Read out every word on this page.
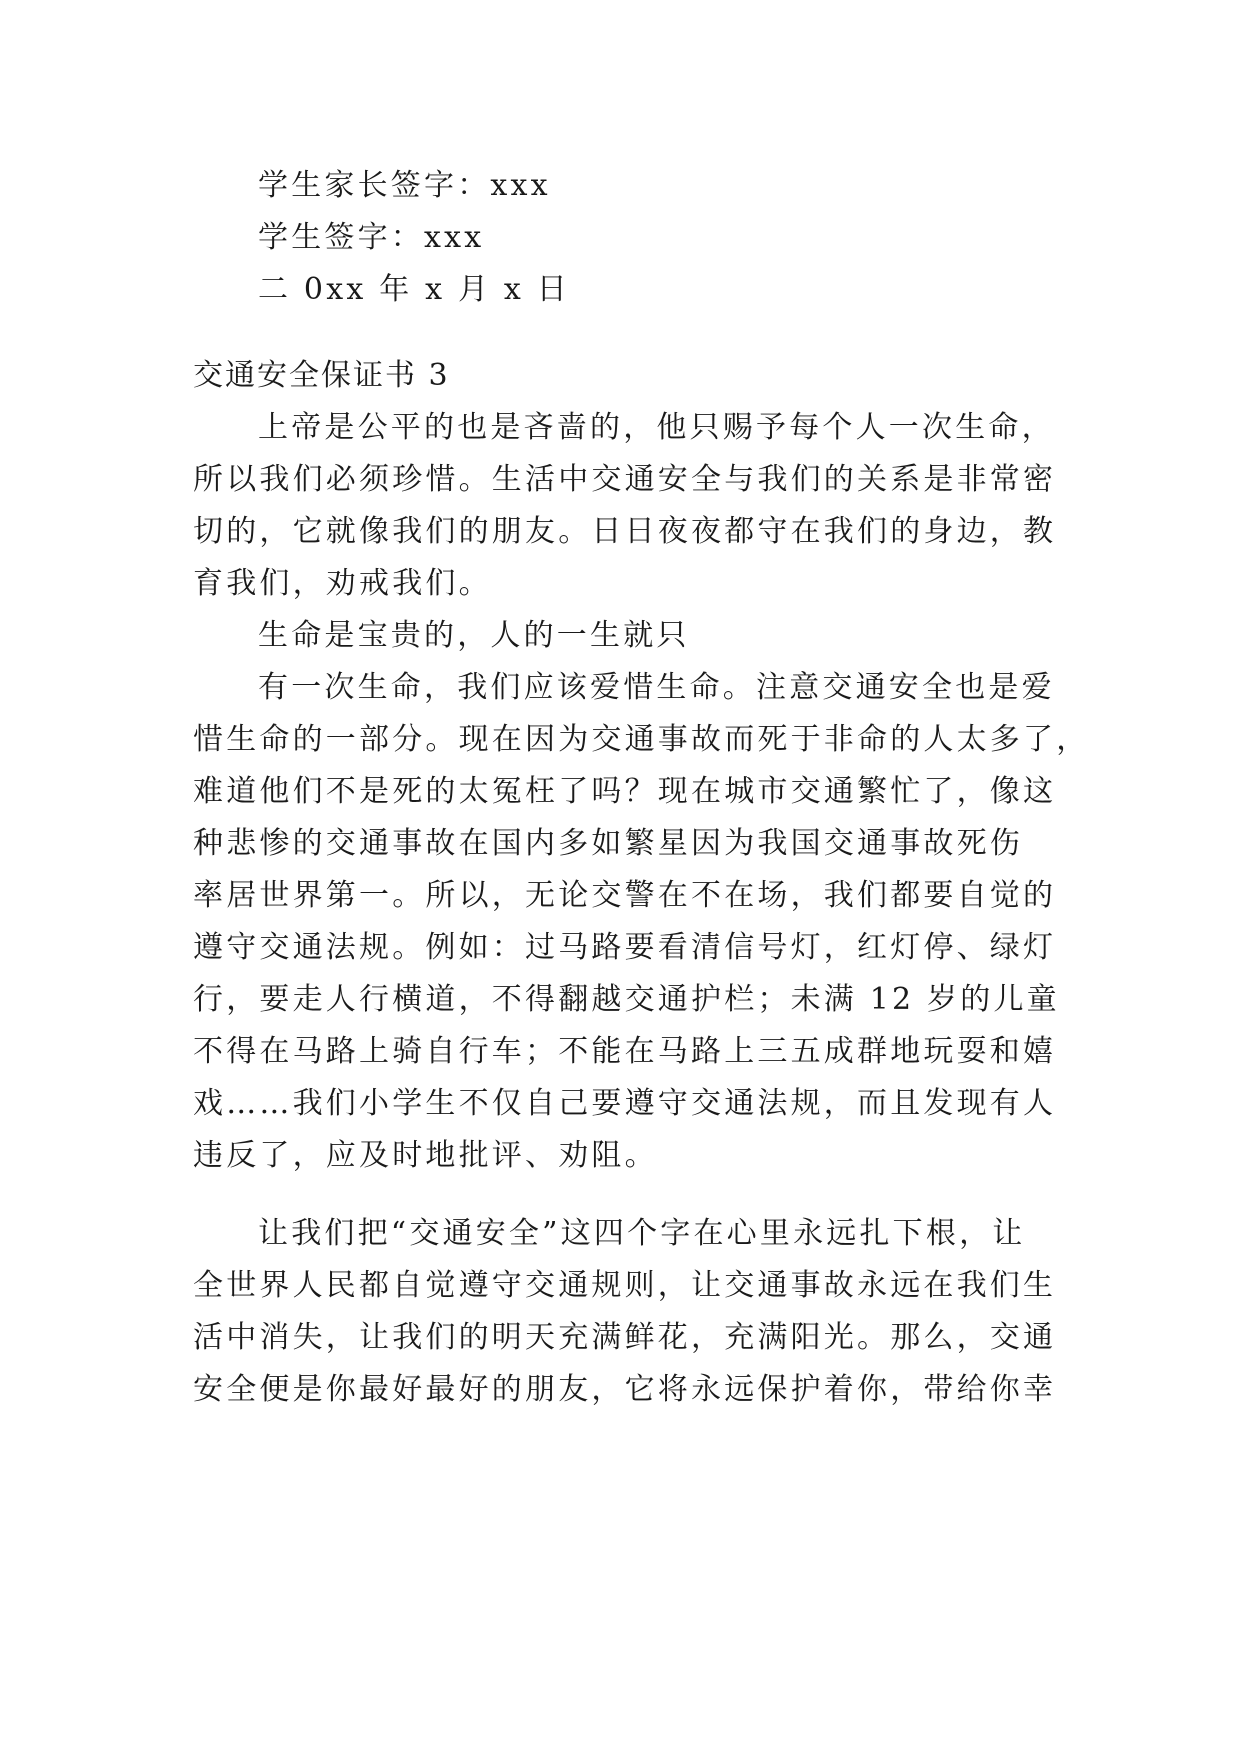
学生家长签字：xxx
学生签字：xxx
二 0xx 年 x 月 x 日
交通安全保证书 3
上帝是公平的也是吝啬的，他只赐予每个人一次生命，
所以我们必须珍惜。生活中交通安全与我们的关系是非常密
切的，它就像我们的朋友。日日夜夜都守在我们的身边，教
育我们，劝戒我们。
生命是宝贵的，人的一生就只
有一次生命，我们应该爱惜生命。注意交通安全也是爱
惜生命的一部分。现在因为交通事故而死于非命的人太多了，
难道他们不是死的太冤枉了吗？现在城市交通繁忙了，像这
种悲惨的交通事故在国内多如繁星因为我国交通事故死伤
率居世界第一。所以，无论交警在不在场，我们都要自觉的
遵守交通法规。例如：过马路要看清信号灯，红灯停、绿灯
行，要走人行横道，不得翻越交通护栏；未满 12 岁的儿童
不得在马路上骑自行车；不能在马路上三五成群地玩耍和嬉
戏……我们小学生不仅自己要遵守交通法规，而且发现有人
违反了，应及时地批评、劝阻。
让我们把“交通安全”这四个字在心里永远扎下根，让
全世界人民都自觉遵守交通规则，让交通事故永远在我们生
活中消失，让我们的明天充满鲜花，充满阳光。那么，交通
安全便是你最好最好的朋友，它将永远保护着你，带给你幸
